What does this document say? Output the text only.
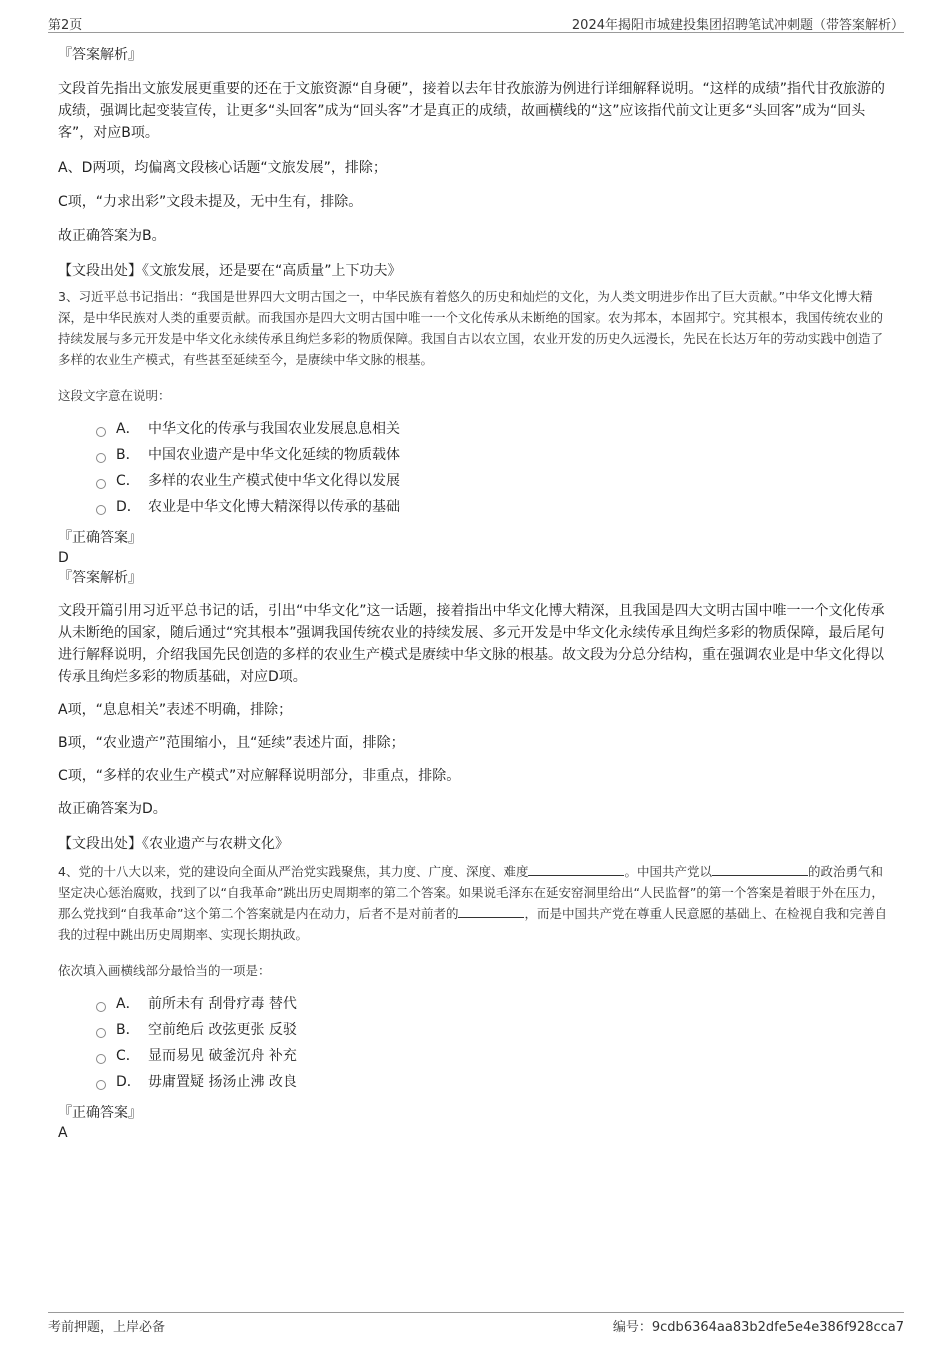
第2页	2024年揭阳市城建投集团招聘笔试冲刺题（带答案解析）

『答案解析』

文段首先指出文旅发展更重要的还在于文旅资源“自身硬”，接着以去年甘孜旅游为例进行详细解释说明。“这样的成绩”指代甘孜旅游的成绩，强调比起变装宣传，让更多“头回客”成为“回头客”才是真正的成绩，故画横线的“这”应该指代前文让更多“头回客”成为“回头客”，对应B项。

A、D两项，均偏离文段核心话题“文旅发展”，排除；

C项，“力求出彩”文段未提及，无中生有，排除。

故正确答案为B。

【文段出处】《文旅发展，还是要在“高质量”上下功夫》

3、习近平总书记指出：“我国是世界四大文明古国之一，中华民族有着悠久的历史和灿烂的文化，为人类文明进步作出了巨大贡献。”中华文化博大精深，是中华民族对人类的重要贡献。而我国亦是四大文明古国中唯一一个文化传承从未断绝的国家。农为邦本，本固邦宁。究其根本，我国传统农业的持续发展与多元开发是中华文化永续传承且绚烂多彩的物质保障。我国自古以农立国，农业开发的历史久远漫长，先民在长达万年的劳动实践中创造了多样的农业生产模式，有些甚至延续至今，是赓续中华文脉的根基。

这段文字意在说明：

A． 中华文化的传承与我国农业发展息息相关
B． 中国农业遗产是中华文化延续的物质载体
C． 多样的农业生产模式使中华文化得以发展
D． 农业是中华文化博大精深得以传承的基础

『正确答案』

D

『答案解析』

文段开篇引用习近平总书记的话，引出“中华文化”这一话题，接着指出中华文化博大精深，且我国是四大文明古国中唯一一个文化传承从未断绝的国家，随后通过“究其根本”强调我国传统农业的持续发展、多元开发是中华文化永续传承且绚烂多彩的物质保障，最后尾句进行解释说明，介绍我国先民创造的多样的农业生产模式是赓续中华文脉的根基。故文段为分总分结构，重在强调农业是中华文化得以传承且绚烂多彩的物质基础，对应D项。

A项，“息息相关”表述不明确，排除；

B项，“农业遗产”范围缩小，且“延续”表述片面，排除；

C项，“多样的农业生产模式”对应解释说明部分，非重点，排除。

故正确答案为D。

【文段出处】《农业遗产与农耕文化》

4、党的十八大以来，党的建设向全面从严治党实践聚焦，其力度、广度、深度、难度	。中国共产党以	的政治勇气和坚定决心惩治腐败，找到了以“自我革命”跳出历史周期率的第二个答案。如果说毛泽东在延安窑洞里给出“人民监督”的第一个答案是着眼于外在压力，那么党找到“自我革命”这个第二个答案就是内在动力，后者不是对前者的	，而是中国共产党在尊重人民意愿的基础上、在检视自我和完善自我的过程中跳出历史周期率、实现长期执政。

依次填入画横线部分最恰当的一项是：

A． 前所未有 刮骨疗毒 替代
B． 空前绝后 改弦更张 反驳
C． 显而易见 破釜沉舟 补充
D． 毋庸置疑 扬汤止沸 改良

『正确答案』

A

考前押题，上岸必备	编号：9cdb6364aa83b2dfe5e4e386f928cca7
